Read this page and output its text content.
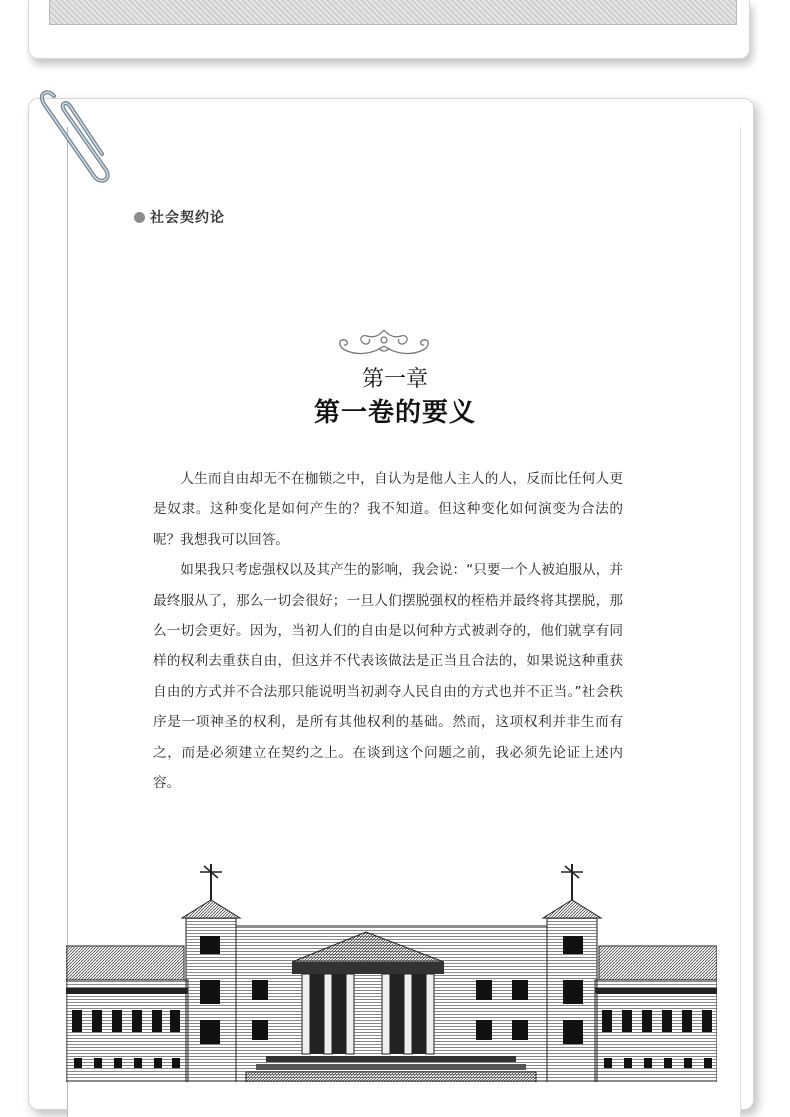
社会契约论
第一章
第一卷的要义

人生而自由却无不在枷锁之中，自认为是他人主人的人，反而比任何人更是奴隶。这种变化是如何产生的？我不知道。但这种变化如何演变为合法的呢？我想我可以回答。

如果我只考虑强权以及其产生的影响，我会说：“只要一个人被迫服从，并最终服从了，那么一切会很好；一旦人们摆脱强权的桎梏并最终将其摆脱，那么一切会更好。因为，当初人们的自由是以何种方式被剥夺的，他们就享有同样的权利去重获自由，但这并不代表该做法是正当且合法的，如果说这种重获自由的方式并不合法那只能说明当初剥夺人民自由的方式也并不正当。”社会秩序是一项神圣的权利，是所有其他权利的基础。然而，这项权利并非生而有之，而是必须建立在契约之上。在谈到这个问题之前，我必须先论证上述内容。
